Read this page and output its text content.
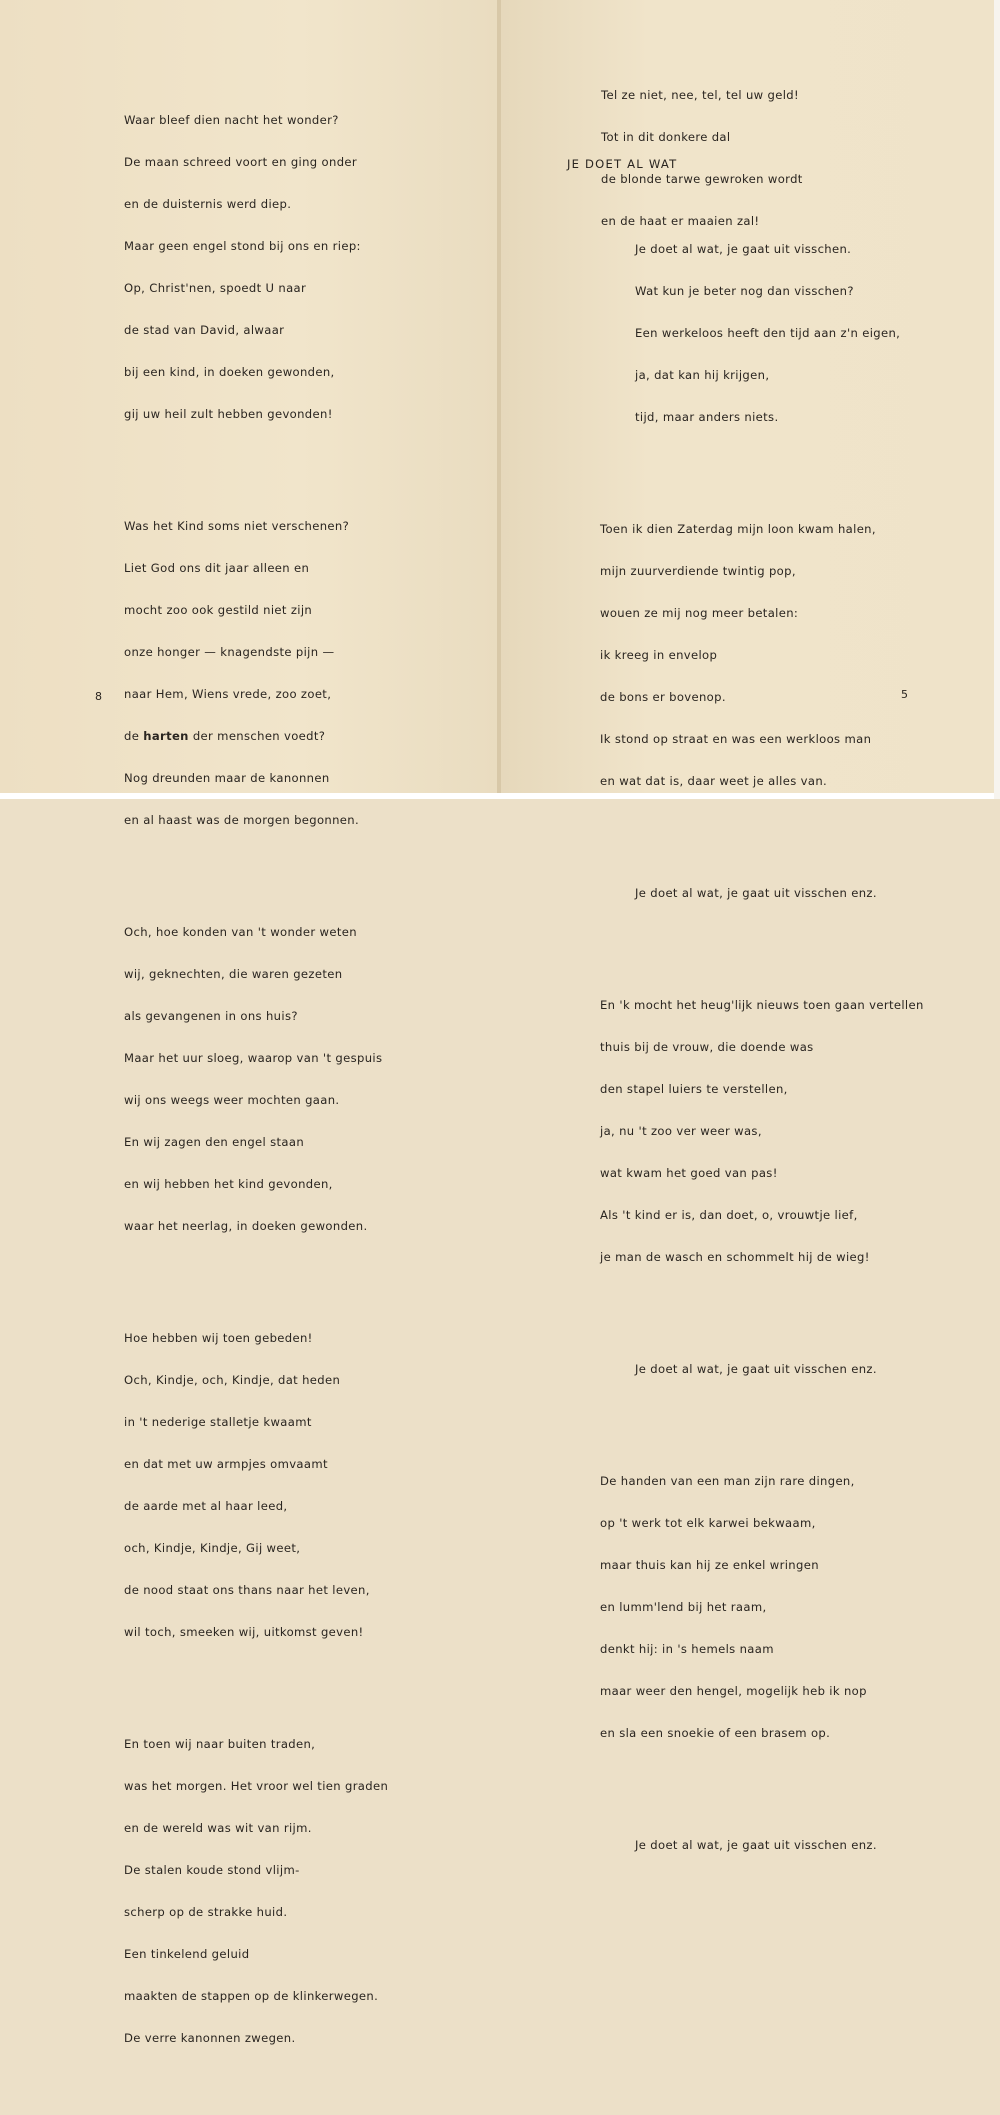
Waar bleef dien nacht het wonder?

De maan schreed voort en ging onder

en de duisternis werd diep.

Maar geen engel stond bij ons en riep:

Op, Christ'nen, spoedt U naar

de stad van David, alwaar

bij een kind, in doeken gewonden,

gij uw heil zult hebben gevonden!

Was het Kind soms niet verschenen?

Liet God ons dit jaar alleen en

mocht zoo ook gestild niet zijn

onze honger — knagendste pijn —

naar Hem, Wiens vrede, zoo zoet,

de harten der menschen voedt?

Nog dreunden maar de kanonnen

en al haast was de morgen begonnen.

Och, hoe konden van 't wonder weten

wij, geknechten, die waren gezeten

als gevangenen in ons huis?

Maar het uur sloeg, waarop van 't gespuis

wij ons weegs weer mochten gaan.

En wij zagen den engel staan

en wij hebben het kind gevonden,

waar het neerlag, in doeken gewonden.

Hoe hebben wij toen gebeden!

Och, Kindje, och, Kindje, dat heden

in 't nederige stalletje kwaamt

en dat met uw armpjes omvaamt

de aarde met al haar leed,

och, Kindje, Kindje, Gij weet,

de nood staat ons thans naar het leven,

wil toch, smeeken wij, uitkomst geven!

En toen wij naar buiten traden,

was het morgen. Het vroor wel tien graden

en de wereld was wit van rijm.

De stalen koude stond vlijm-

scherp op de strakke huid.

Een tinkelend geluid

maakten de stappen op de klinkerwegen.

De verre kanonnen zwegen.

8

Tel ze niet, nee, tel, tel uw geld!

Tot in dit donkere dal

de blonde tarwe gewroken wordt

en de haat er maaien zal!

JE DOET AL WAT

Je doet al wat, je gaat uit visschen.

Wat kun je beter nog dan visschen?

Een werkeloos heeft den tijd aan z'n eigen,

ja, dat kan hij krijgen,

tijd, maar anders niets.

Toen ik dien Zaterdag mijn loon kwam halen,

mijn zuurverdiende twintig pop,

wouen ze mij nog meer betalen:

ik kreeg in envelop

de bons er bovenop.

Ik stond op straat en was een werkloos man

en wat dat is, daar weet je alles van.

Je doet al wat, je gaat uit visschen enz.

En 'k mocht het heug'lijk nieuws toen gaan vertellen

thuis bij de vrouw, die doende was

den stapel luiers te verstellen,

ja, nu 't zoo ver weer was,

wat kwam het goed van pas!

Als 't kind er is, dan doet, o, vrouwtje lief,

je man de wasch en schommelt hij de wieg!

Je doet al wat, je gaat uit visschen enz.

De handen van een man zijn rare dingen,

op 't werk tot elk karwei bekwaam,

maar thuis kan hij ze enkel wringen

en lumm'lend bij het raam,

denkt hij: in 's hemels naam

maar weer den hengel, mogelijk heb ik nop

en sla een snoekie of een brasem op.

Je doet al wat, je gaat uit visschen enz.

5
